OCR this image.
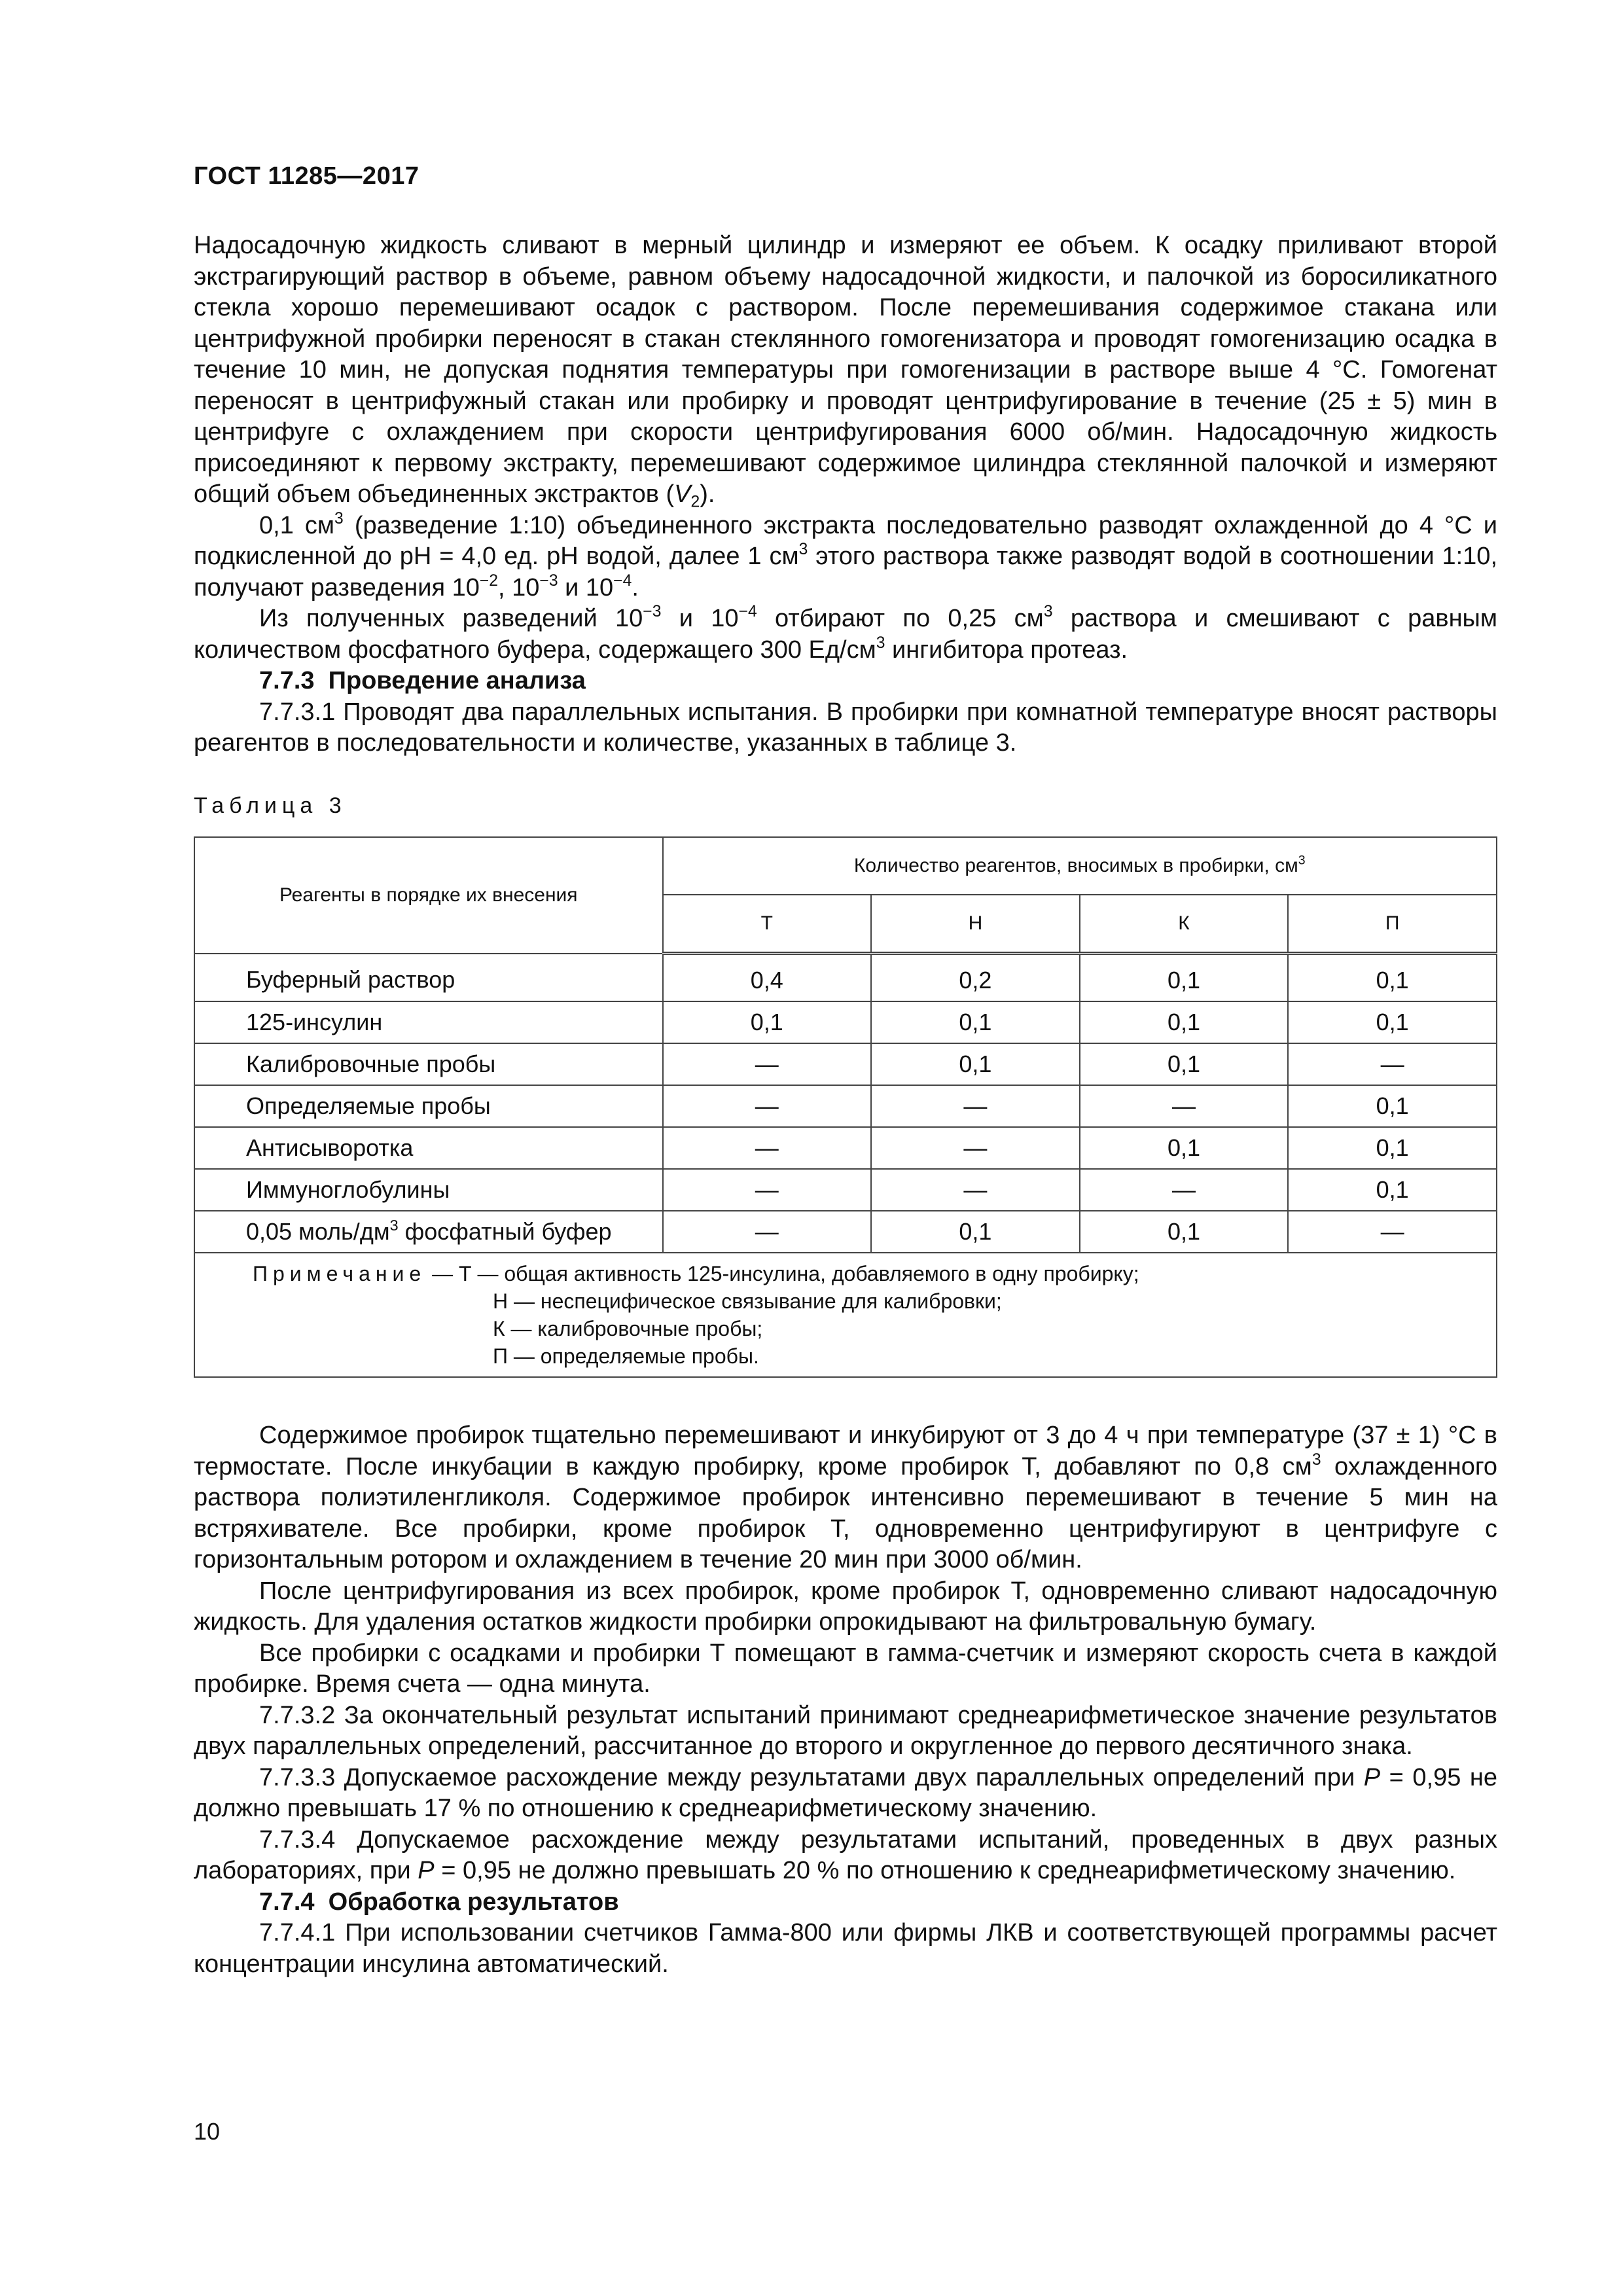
ГОСТ 11285—2017

Надосадочную жидкость сливают в мерный цилиндр и измеряют ее объем. К осадку приливают второй экстрагирующий раствор в объеме, равном объему надосадочной жидкости, и палочкой из боросиликатного стекла хорошо перемешивают осадок с раствором. После перемешивания содержимое стакана или центрифужной пробирки переносят в стакан стеклянного гомогенизатора и проводят гомогенизацию осадка в течение 10 мин, не допуская поднятия температуры при гомогенизации в растворе выше 4 °С. Гомогенат переносят в центрифужный стакан или пробирку и проводят центрифугирование в течение (25 ± 5) мин в центрифуге с охлаждением при скорости центрифугирования 6000 об/мин. Надосадочную жидкость присоединяют к первому экстракту, перемешивают содержимое цилиндра стеклянной палочкой и измеряют общий объем объединенных экстрактов $(V_2)$.

0,1 $см^3$ (разведение 1:10) объединенного экстракта последовательно разводят охлажденной до 4 °С и подкисленной до pH = 4,0 ед. pH водой, далее 1 $см^3$ этого раствора также разводят водой в соотношении 1:10, получают разведения $10^{-2}$, $10^{-3}$ и $10^{-4}$.

Из полученных разведений $10^{-3}$ и $10^{-4}$ отбирают по 0,25 $см^3$ раствора и смешивают с равным количеством фосфатного буфера, содержащего 300 $Ед/см^3$ ингибитора протеаз.

7.7.3 Проведение анализа

7.7.3.1 Проводят два параллельных испытания. В пробирки при комнатной температуре вносят растворы реагентов в последовательности и количестве, указанных в таблице 3.

Таблица 3
Реагенты в порядке их внесения	Количество реагентов, вносимых в пробирки, $см^3$
	Т	Н	К	П
Буферный раствор	0,4	0,2	0,1	0,1
125-инсулин	0,1	0,1	0,1	0,1
Калибровочные пробы	—	0,1	0,1	—
Определяемые пробы	—	—	—	0,1
Антисыворотка	—	—	0,1	0,1
Иммуноглобулины	—	—	—	0,1
0,05 моль/$дм^3$ фосфатный буфер	—	0,1	0,1	—

Примечание — Т — общая активность 125-инсулина, добавляемого в одну пробирку;
Н — неспецифическое связывание для калибровки;
К — калибровочные пробы;
П — определяемые пробы.				

Содержимое пробирок тщательно перемешивают и инкубируют от 3 до 4 ч при температуре (37 ± 1) °С в термостате. После инкубации в каждую пробирку, кроме пробирок Т, добавляют по 0,8 $см^3$ охлажденного раствора полиэтиленгликоля. Содержимое пробирок интенсивно перемешивают в течение 5 мин на встряхивателе. Все пробирки, кроме пробирок Т, одновременно центрифугируют в центрифуге с горизонтальным ротором и охлаждением в течение 20 мин при 3000 об/мин.

После центрифугирования из всех пробирок, кроме пробирок Т, одновременно сливают надосадочную жидкость. Для удаления остатков жидкости пробирки опрокидывают на фильтровальную бумагу.

Все пробирки с осадками и пробирки Т помещают в гамма-счетчик и измеряют скорость счета в каждой пробирке. Время счета — одна минута.

7.7.3.2 За окончательный результат испытаний принимают среднеарифметическое значение результатов двух параллельных определений, рассчитанное до второго и округленное до первого десятичного знака.

7.7.3.3 Допускаемое расхождение между результатами двух параллельных определений при P = 0,95 не должно превышать 17 % по отношению к среднеарифметическому значению.

7.7.3.4 Допускаемое расхождение между результатами испытаний, проведенных в двух разных лабораториях, при P = 0,95 не должно превышать 20 % по отношению к среднеарифметическому значению.

7.7.4 Обработка результатов

7.7.4.1 При использовании счетчиков Гамма-800 или фирмы ЛКВ и соответствующей программы расчет концентрации инсулина автоматический.

10
